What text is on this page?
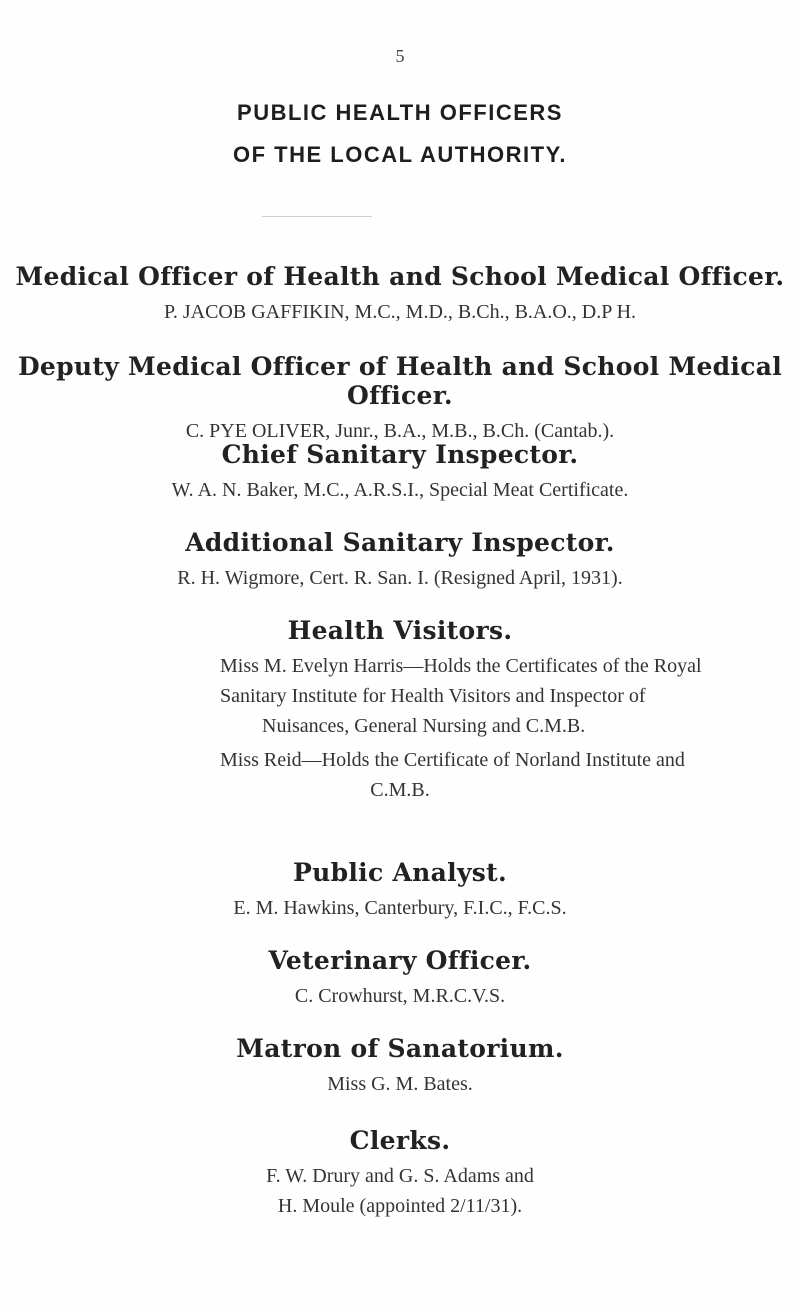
5
PUBLIC HEALTH OFFICERS
OF THE LOCAL AUTHORITY.
Medical Officer of Health and School Medical Officer.
P. JACOB GAFFIKIN, M.C., M.D., B.Ch., B.A.O., D.P H.
Deputy Medical Officer of Health and School Medical Officer.
C. PYE OLIVER, Junr., B.A., M.B., B.Ch. (Cantab.).
Chief Sanitary Inspector.
W. A. N. Baker, M.C., A.R.S.I., Special Meat Certificate.
Additional Sanitary Inspector.
R. H. Wigmore, Cert. R. San. I. (Resigned April, 1931).
Health Visitors.
Miss M. Evelyn Harris—Holds the Certificates of the Royal
Sanitary Institute for Health Visitors and Inspector of
Nuisances, General Nursing and C.M.B.
Miss Reid—Holds the Certificate of Norland Institute and
C.M.B.
Public Analyst.
E. M. Hawkins, Canterbury, F.I.C., F.C.S.
Veterinary Officer.
C. Crowhurst, M.R.C.V.S.
Matron of Sanatorium.
Miss G. M. Bates.
Clerks.
F. W. Drury and G. S. Adams and
H. Moule (appointed 2/11/31).
